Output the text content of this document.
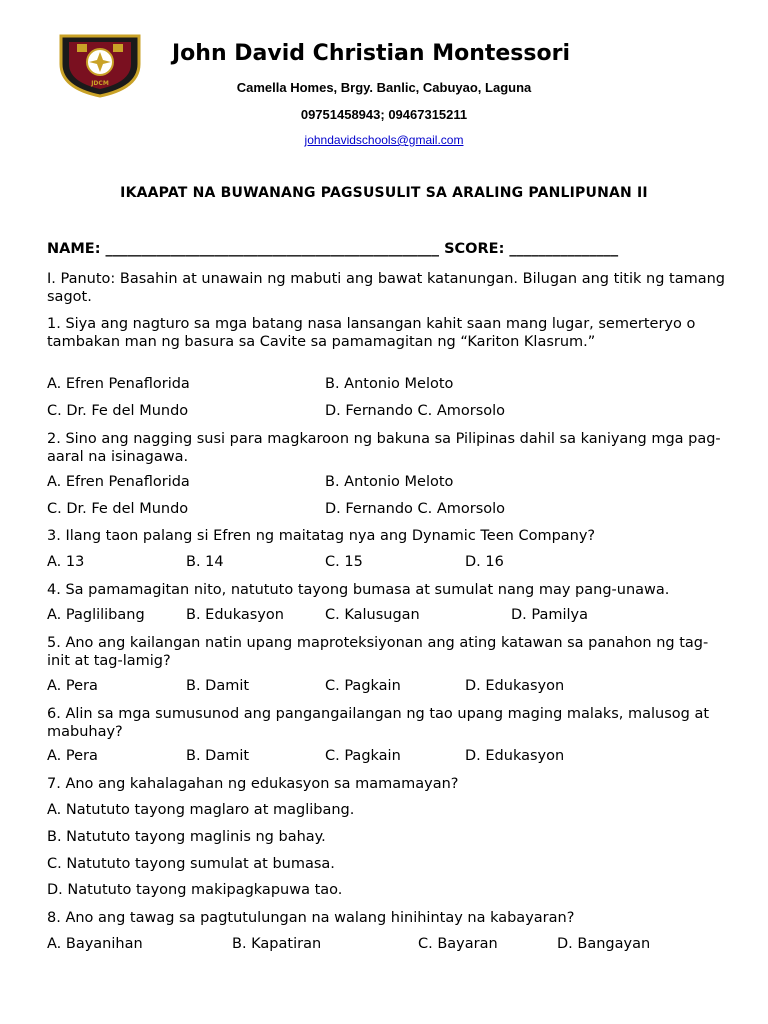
JDCM
John David Christian Montessori
Camella Homes, Brgy. Banlic, Cabuyao, Laguna
09751458943; 09467315211
johndavidschools@gmail.com
IKAAPAT NA BUWANANG PAGSUSULIT SA ARALING PANLIPUNAN II
NAME: ______________________________________________ SCORE: _______________
I. Panuto: Basahin at unawain ng mabuti ang bawat katanungan. Bilugan ang titik ng tamang sagot.
1. Siya ang nagturo sa mga batang nasa lansangan kahit saan mang lugar, semerteryo o tambakan man ng basura sa Cavite sa pamamagitan ng “Kariton Klasrum.”
A. Efren Penaflorida	B. Antonio Meloto
C. Dr. Fe del Mundo	D. Fernando C. Amorsolo
2. Sino ang nagging susi para magkaroon ng bakuna sa Pilipinas dahil sa kaniyang mga pag-aaral na isinagawa.
A. Efren Penaflorida	B. Antonio Meloto
C. Dr. Fe del Mundo	D. Fernando C. Amorsolo
3. Ilang taon palang si Efren ng maitatag nya ang Dynamic Teen Company?
A. 13	B. 14	C. 15	D. 16
4. Sa pamamagitan nito, natututo tayong bumasa at sumulat nang may pang-unawa.
A. Paglilibang	B. Edukasyon	C. Kalusugan	D. Pamilya
5. Ano ang kailangan natin upang maproteksiyonan ang ating katawan sa panahon ng tag-init at tag-lamig?
A. Pera	B. Damit	C. Pagkain	D. Edukasyon
6. Alin sa mga sumusunod ang pangangailangan ng tao upang maging malaks, malusog at mabuhay?
A. Pera	B. Damit	C. Pagkain	D. Edukasyon
7. Ano ang kahalagahan ng edukasyon sa mamamayan?
A. Natututo tayong maglaro at maglibang.
B. Natututo tayong maglinis ng bahay.
C. Natututo tayong sumulat at bumasa.
D. Natututo tayong makipagkapuwa tao.
8. Ano ang tawag sa pagtutulungan na walang hinihintay na kabayaran?
A. Bayanihan	B. Kapatiran	C. Bayaran	D. Bangayan
